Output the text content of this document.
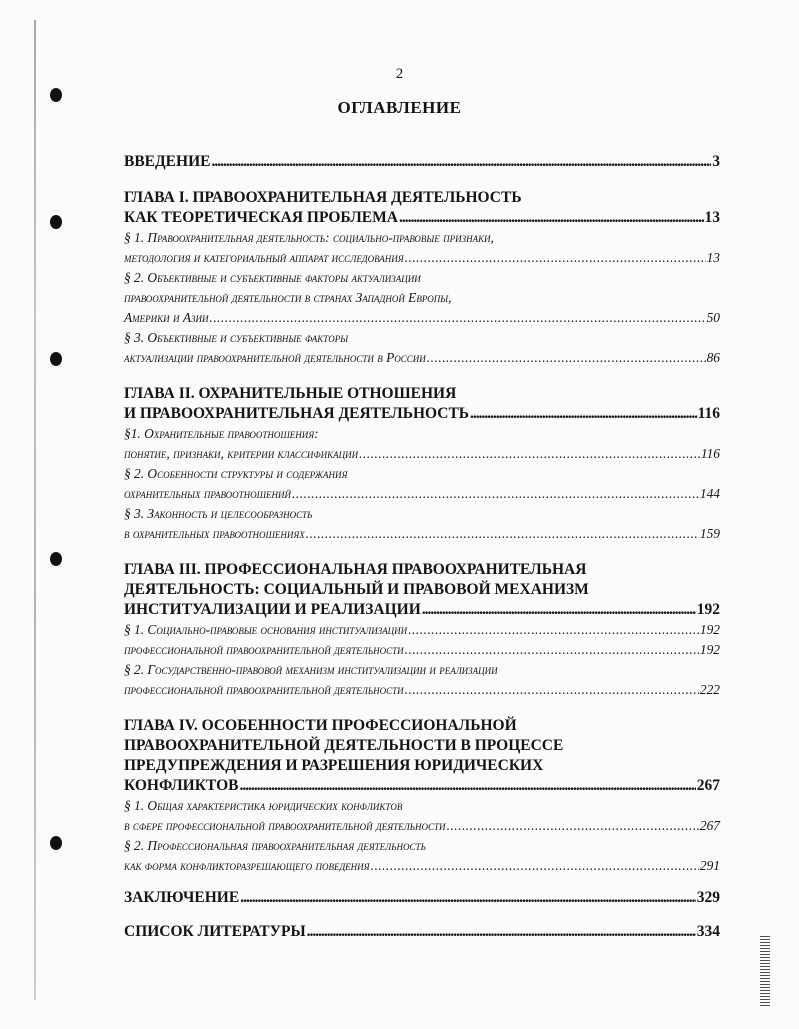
2
ОГЛАВЛЕНИЕ
ВВЕДЕНИЕ .....	3
ГЛАВА I. ПРАВООХРАНИТЕЛЬНАЯ ДЕЯТЕЛЬНОСТЬ
КАК ТЕОРЕТИЧЕСКАЯ ПРОБЛЕМА .....	13
§ 1. Правоохранительная деятельность: социально-правовые признаки,
методология и категориальный аппарат исследования .....	13
§ 2. Объективные и субъективные факторы актуализации
правоохранительной деятельности в странах Западной Европы,
Америки и Азии .....	50
§ 3. Объективные и субъективные факторы
актуализации правоохранительной деятельности в России .....	86
ГЛАВА II. ОХРАНИТЕЛЬНЫЕ ОТНОШЕНИЯ
И ПРАВООХРАНИТЕЛЬНАЯ ДЕЯТЕЛЬНОСТЬ .....	116
§1. Охранительные правоотношения:
понятие, признаки, критерии классификации .....	116
§ 2. Особенности структуры и содержания
охранительных правоотношений .....	144
§ 3. Законность и целесообразность
в охранительных правоотношениях .....	159
ГЛАВА III. ПРОФЕССИОНАЛЬНАЯ ПРАВООХРАНИТЕЛЬНАЯ
ДЕЯТЕЛЬНОСТЬ: СОЦИАЛЬНЫЙ И ПРАВОВОЙ МЕХАНИЗМ
ИНСТИТУАЛИЗАЦИИ И РЕАЛИЗАЦИИ .....	192
§ 1. Социально-правовые основания институализации .....	192
профессиональной правоохранительной деятельности .....	192
§ 2. Государственно-правовой механизм институализации и реализации
профессиональной правоохранительной деятельности .....	222
ГЛАВА IV. ОСОБЕННОСТИ ПРОФЕССИОНАЛЬНОЙ
ПРАВООХРАНИТЕЛЬНОЙ ДЕЯТЕЛЬНОСТИ В ПРОЦЕССЕ
ПРЕДУПРЕЖДЕНИЯ И РАЗРЕШЕНИЯ ЮРИДИЧЕСКИХ
КОНФЛИКТОВ .....	267
§ 1. Общая характеристика юридических конфликтов
в сфере профессиональной правоохранительной деятельности .....	267
§ 2. Профессиональная правоохранительная деятельность
как форма конфликторазрешающего поведения .....	291
ЗАКЛЮЧЕНИЕ .....	329
СПИСОК ЛИТЕРАТУРЫ .....	334
